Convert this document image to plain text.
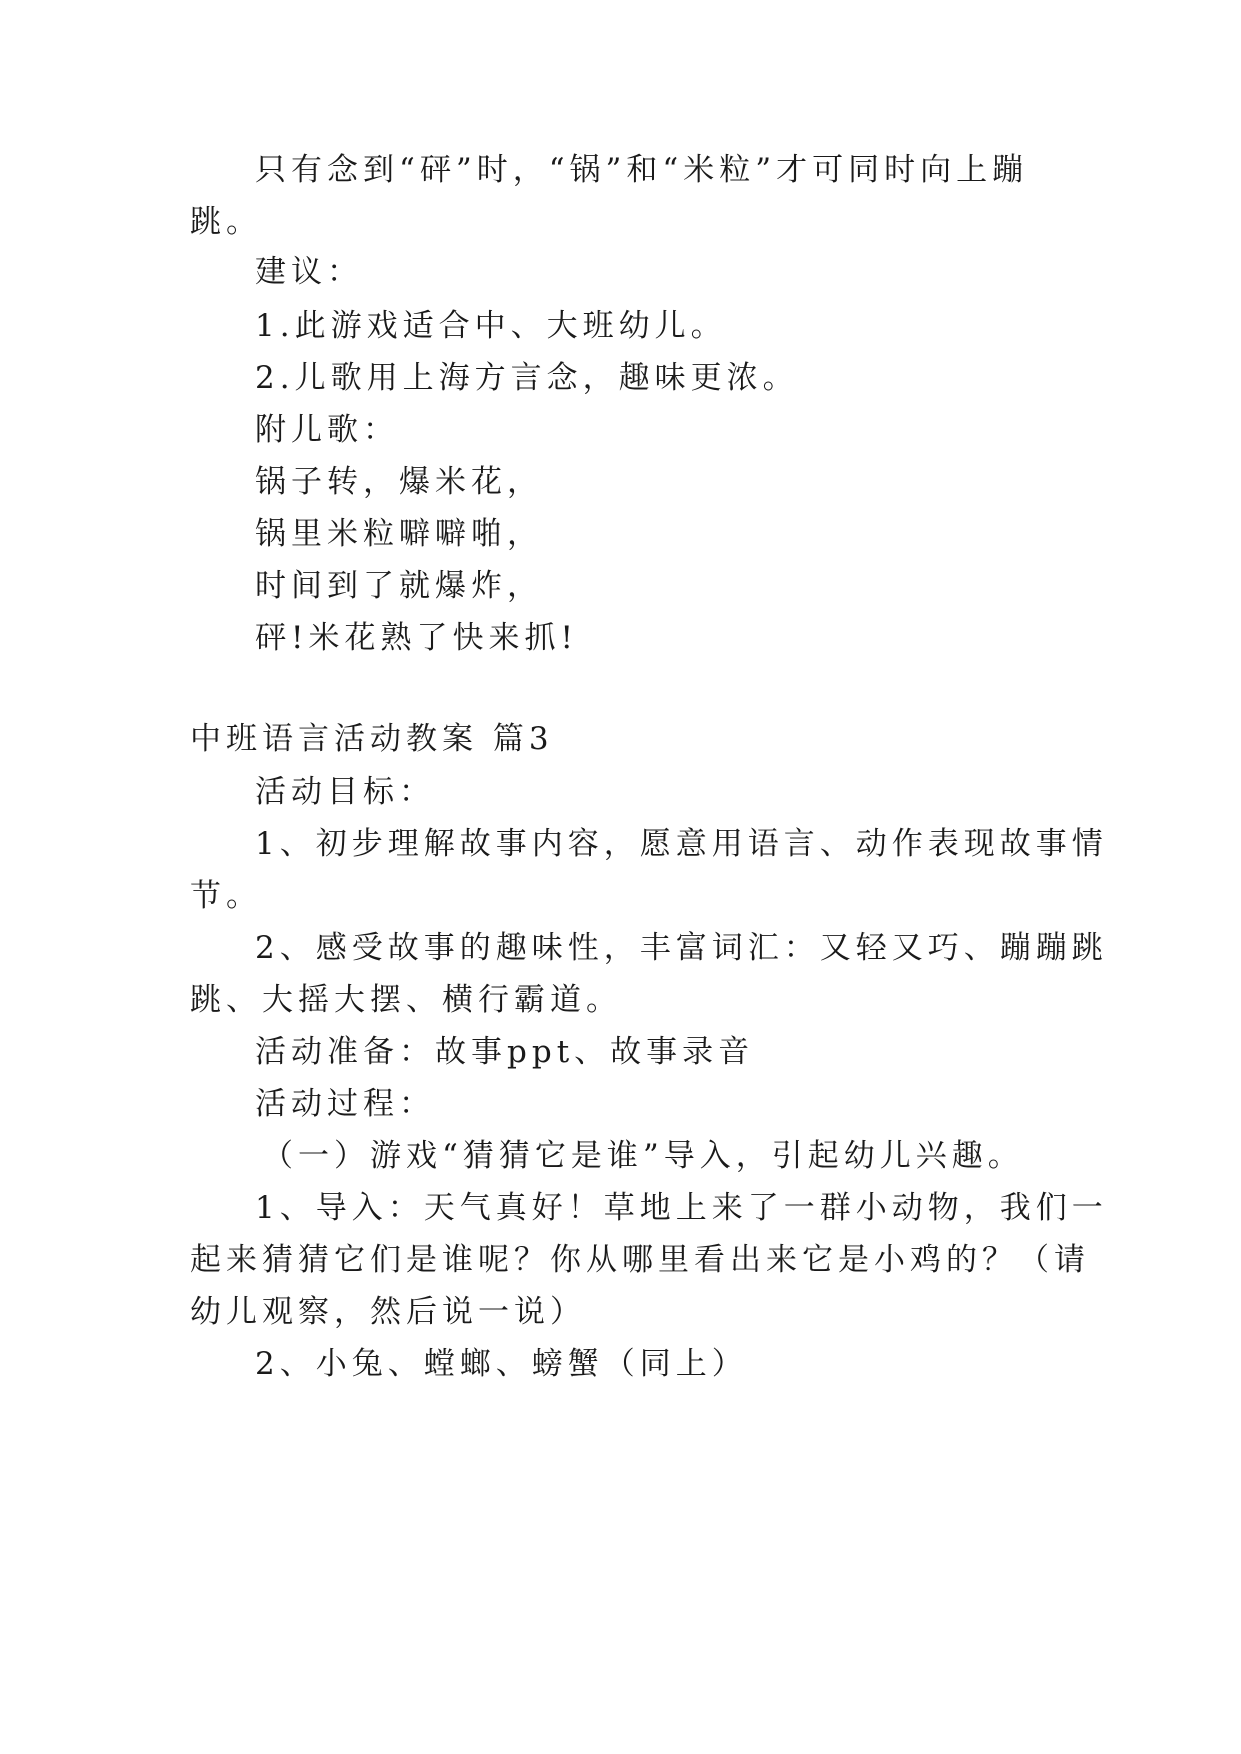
只有念到“砰”时，“锅”和“米粒”才可同时向上蹦
跳。
建议：
1.此游戏适合中、大班幼儿。
2.儿歌用上海方言念，趣味更浓。
附儿歌：
锅子转，爆米花，
锅里米粒噼噼啪，
时间到了就爆炸，
砰!米花熟了快来抓!
中班语言活动教案 篇3
活动目标：
1、初步理解故事内容，愿意用语言、动作表现故事情
节。
2、感受故事的趣味性，丰富词汇：又轻又巧、蹦蹦跳
跳、大摇大摆、横行霸道。
活动准备：故事ppt、故事录音
活动过程：
（一）游戏“猜猜它是谁”导入，引起幼儿兴趣。
1、导入：天气真好！草地上来了一群小动物，我们一
起来猜猜它们是谁呢？你从哪里看出来它是小鸡的？（请
幼儿观察，然后说一说）
2、小兔、螳螂、螃蟹（同上）
